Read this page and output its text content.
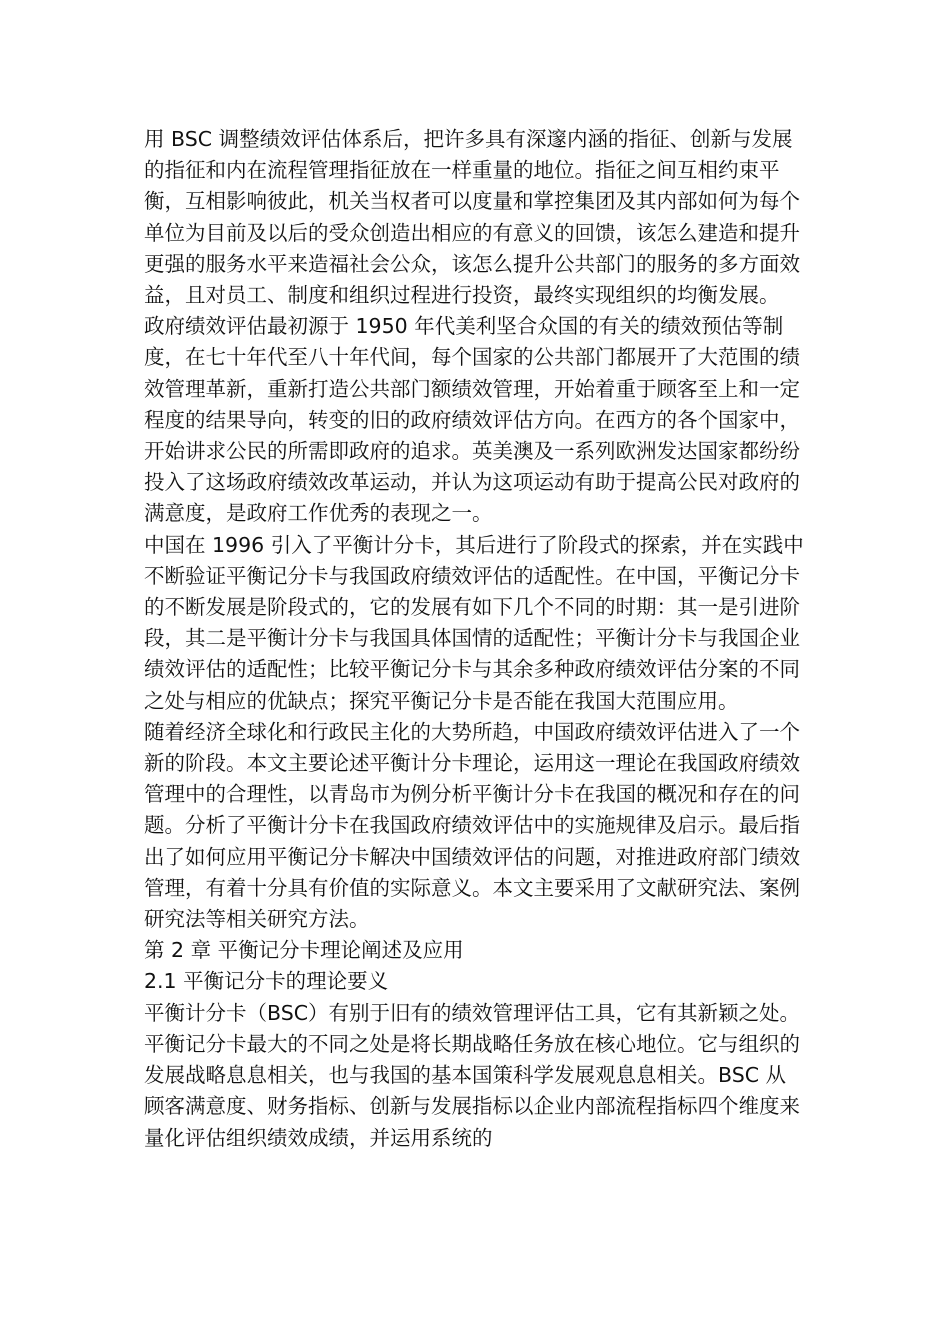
用 BSC 调整绩效评估体系后，把许多具有深邃内涵的指征、创新与发展的指征和内在流程管理指征放在一样重量的地位。指征之间互相约束平衡，互相影响彼此，机关当权者可以度量和掌控集团及其内部如何为每个单位为目前及以后的受众创造出相应的有意义的回馈，该怎么建造和提升更强的服务水平来造福社会公众，该怎么提升公共部门的服务的多方面效益，且对员工、制度和组织过程进行投资，最终实现组织的均衡发展。

政府绩效评估最初源于 1950 年代美利坚合众国的有关的绩效预估等制度，在七十年代至八十年代间，每个国家的公共部门都展开了大范围的绩效管理革新，重新打造公共部门额绩效管理，开始着重于顾客至上和一定程度的结果导向，转变的旧的政府绩效评估方向。在西方的各个国家中，开始讲求公民的所需即政府的追求。英美澳及一系列欧洲发达国家都纷纷投入了这场政府绩效改革运动，并认为这项运动有助于提高公民对政府的满意度，是政府工作优秀的表现之一。

中国在 1996 引入了平衡计分卡，其后进行了阶段式的探索，并在实践中不断验证平衡记分卡与我国政府绩效评估的适配性。在中国，平衡记分卡的不断发展是阶段式的，它的发展有如下几个不同的时期：其一是引进阶段，其二是平衡计分卡与我国具体国情的适配性；平衡计分卡与我国企业绩效评估的适配性；比较平衡记分卡与其余多种政府绩效评估分案的不同之处与相应的优缺点；探究平衡记分卡是否能在我国大范围应用。

随着经济全球化和行政民主化的大势所趋，中国政府绩效评估进入了一个新的阶段。本文主要论述平衡计分卡理论，运用这一理论在我国政府绩效管理中的合理性，以青岛市为例分析平衡计分卡在我国的概况和存在的问题。分析了平衡计分卡在我国政府绩效评估中的实施规律及启示。最后指出了如何应用平衡记分卡解决中国绩效评估的问题，对推进政府部门绩效管理，有着十分具有价值的实际意义。本文主要采用了文献研究法、案例研究法等相关研究方法。

第 2 章 平衡记分卡理论阐述及应用
2.1 平衡记分卡的理论要义

平衡计分卡（BSC）有别于旧有的绩效管理评估工具，它有其新颖之处。平衡记分卡最大的不同之处是将长期战略任务放在核心地位。它与组织的发展战略息息相关，也与我国的基本国策科学发展观息息相关。BSC 从顾客满意度、财务指标、创新与发展指标以企业内部流程指标四个维度来量化评估组织绩效成绩，并运用系统的
